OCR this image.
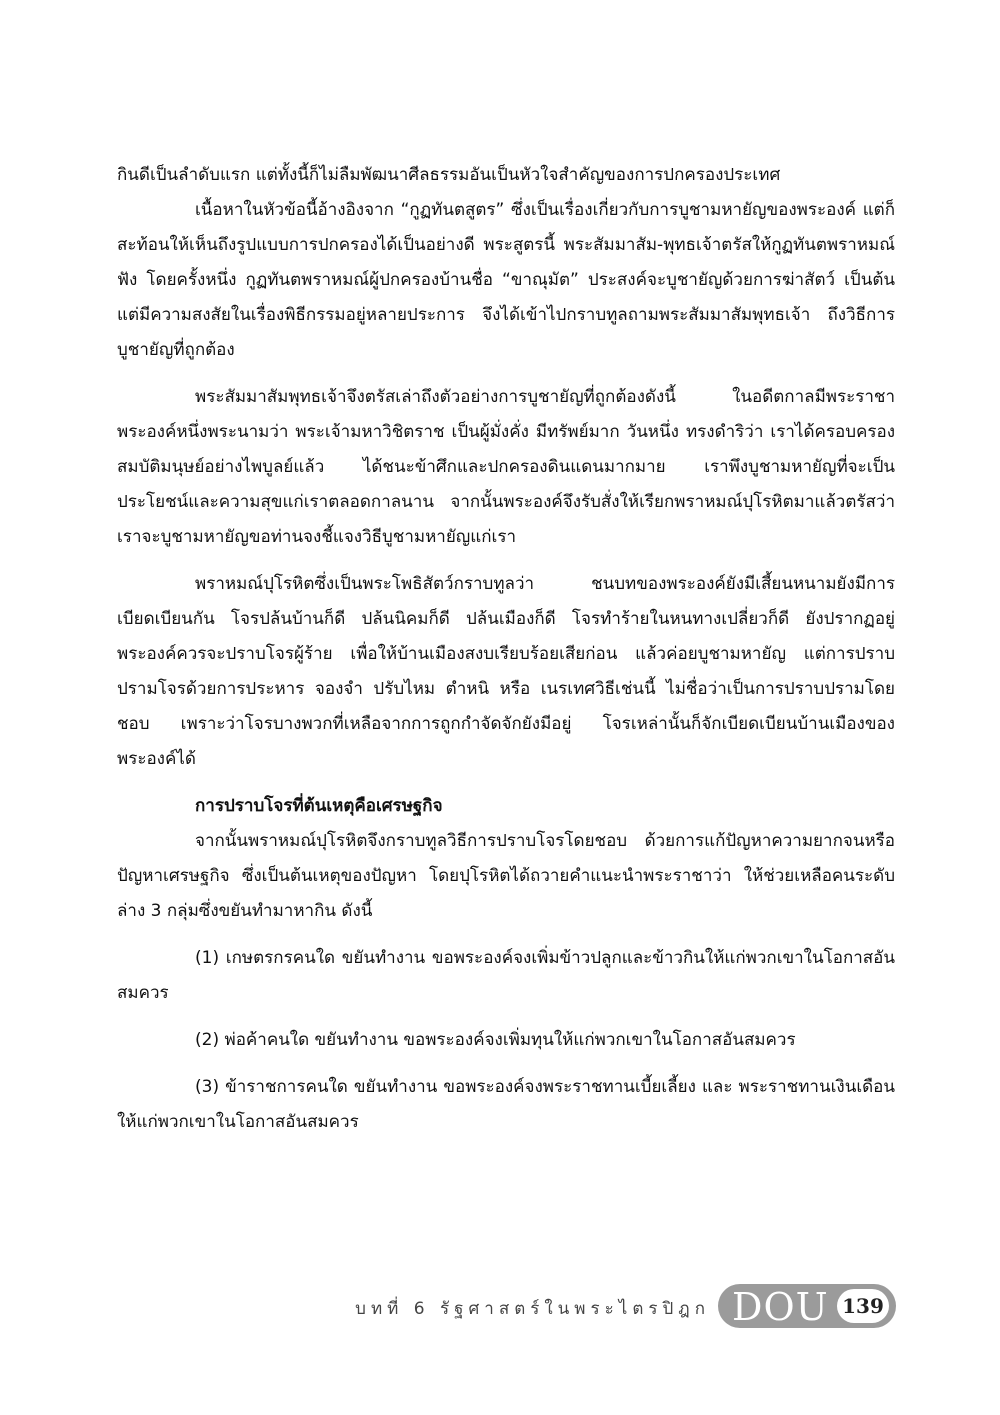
กินดีเป็นลำดับแรก แต่ทั้งนี้ก็ไม่ลืมพัฒนาศีลธรรมอันเป็นหัวใจสำคัญของการปกครองประเทศ

เนื้อหาในหัวข้อนี้อ้างอิงจาก “กูฏทันตสูตร” ซึ่งเป็นเรื่องเกี่ยวกับการบูชามหายัญของพระองค์ แต่ก็สะท้อนให้เห็นถึงรูปแบบการปกครองได้เป็นอย่างดี พระสูตรนี้ พระสัมมาสัม-พุทธเจ้าตรัสให้กูฏทันตพราหมณ์ฟัง โดยครั้งหนึ่ง กูฏทันตพราหมณ์ผู้ปกครองบ้านชื่อ “ขาณุมัต” ประสงค์จะบูชายัญด้วยการฆ่าสัตว์ เป็นต้น แต่มีความสงสัยในเรื่องพิธีกรรมอยู่หลายประการ จึงได้เข้าไปกราบทูลถามพระสัมมาสัมพุทธเจ้า ถึงวิธีการบูชายัญที่ถูกต้อง

พระสัมมาสัมพุทธเจ้าจึงตรัสเล่าถึงตัวอย่างการบูชายัญที่ถูกต้องดังนี้ ในอดีตกาลมีพระราชาพระองค์หนึ่งพระนามว่า พระเจ้ามหาวิชิตราช เป็นผู้มั่งคั่ง มีทรัพย์มาก วันหนึ่ง ทรงดำริว่า เราได้ครอบครองสมบัติมนุษย์อย่างไพบูลย์แล้ว ได้ชนะข้าศึกและปกครองดินแดนมากมาย เราพึงบูชามหายัญที่จะเป็นประโยชน์และความสุขแก่เราตลอดกาลนาน จากนั้นพระองค์จึงรับสั่งให้เรียกพราหมณ์ปุโรหิตมาแล้วตรัสว่าเราจะบูชามหายัญขอท่านจงชี้แจงวิธีบูชามหายัญแก่เรา

พราหมณ์ปุโรหิตซึ่งเป็นพระโพธิสัตว์กราบทูลว่า ชนบทของพระองค์ยังมีเสี้ยนหนามยังมีการเบียดเบียนกัน โจรปล้นบ้านก็ดี ปล้นนิคมก็ดี ปล้นเมืองก็ดี โจรทำร้ายในหนทางเปลี่ยวก็ดี ยังปรากฏอยู่ พระองค์ควรจะปราบโจรผู้ร้าย เพื่อให้บ้านเมืองสงบเรียบร้อยเสียก่อน แล้วค่อยบูชามหายัญ แต่การปราบปรามโจรด้วยการประหาร จองจำ ปรับไหม ตำหนิ หรือ เนรเทศวิธีเช่นนี้ ไม่ชื่อว่าเป็นการปราบปรามโดยชอบ เพราะว่าโจรบางพวกที่เหลือจากการถูกกำจัดจักยังมีอยู่ โจรเหล่านั้นก็จักเบียดเบียนบ้านเมืองของพระองค์ได้

การปราบโจรที่ต้นเหตุคือเศรษฐกิจ

จากนั้นพราหมณ์ปุโรหิตจึงกราบทูลวิธีการปราบโจรโดยชอบ ด้วยการแก้ปัญหาความยากจนหรือปัญหาเศรษฐกิจ ซึ่งเป็นต้นเหตุของปัญหา โดยปุโรหิตได้ถวายคำแนะนำพระราชาว่า ให้ช่วยเหลือคนระดับล่าง 3 กลุ่มซึ่งขยันทำมาหากิน ดังนี้

(1) เกษตรกรคนใด ขยันทำงาน ขอพระองค์จงเพิ่มข้าวปลูกและข้าวกินให้แก่พวกเขาในโอกาสอันสมควร

(2) พ่อค้าคนใด ขยันทำงาน ขอพระองค์จงเพิ่มทุนให้แก่พวกเขาในโอกาสอันสมควร

(3) ข้าราชการคนใด ขยันทำงาน ขอพระองค์จงพระราชทานเบี้ยเลี้ยง และ พระราชทานเงินเดือนให้แก่พวกเขาในโอกาสอันสมควร

บทที่ 6 รัฐศาสตร์ในพระไตรปิฎก DOU 139
